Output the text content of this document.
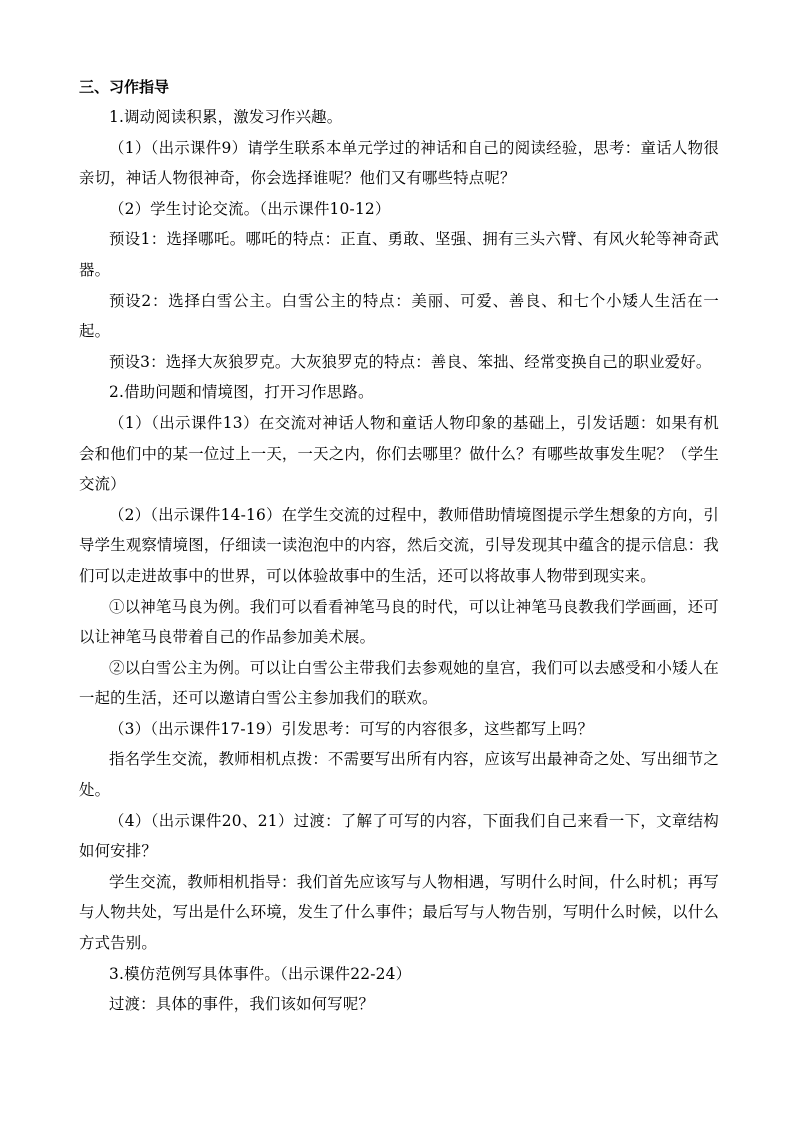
三、习作指导

1.调动阅读积累，激发习作兴趣。

（1）（出示课件9）请学生联系本单元学过的神话和自己的阅读经验，思考：童话人物很亲切，神话人物很神奇，你会选择谁呢？他们又有哪些特点呢？

（2）学生讨论交流。（出示课件10-12）

预设1：选择哪吒。哪吒的特点：正直、勇敢、坚强、拥有三头六臂、有风火轮等神奇武器。

预设2：选择白雪公主。白雪公主的特点：美丽、可爱、善良、和七个小矮人生活在一起。

预设3：选择大灰狼罗克。大灰狼罗克的特点：善良、笨拙、经常变换自己的职业爱好。

2.借助问题和情境图，打开习作思路。

（1）（出示课件13）在交流对神话人物和童话人物印象的基础上，引发话题：如果有机会和他们中的某一位过上一天，一天之内，你们去哪里？做什么？有哪些故事发生呢？（学生交流）

（2）（出示课件14-16）在学生交流的过程中，教师借助情境图提示学生想象的方向，引导学生观察情境图，仔细读一读泡泡中的内容，然后交流，引导发现其中蕴含的提示信息：我们可以走进故事中的世界，可以体验故事中的生活，还可以将故事人物带到现实来。

①以神笔马良为例。我们可以看看神笔马良的时代，可以让神笔马良教我们学画画，还可以让神笔马良带着自己的作品参加美术展。

②以白雪公主为例。可以让白雪公主带我们去参观她的皇宫，我们可以去感受和小矮人在一起的生活，还可以邀请白雪公主参加我们的联欢。

（3）（出示课件17-19）引发思考：可写的内容很多，这些都写上吗？

指名学生交流，教师相机点拨：不需要写出所有内容，应该写出最神奇之处、写出细节之处。

（4）（出示课件20、21）过渡：了解了可写的内容，下面我们自己来看一下，文章结构如何安排？

学生交流，教师相机指导：我们首先应该写与人物相遇，写明什么时间，什么时机；再写与人物共处，写出是什么环境，发生了什么事件；最后写与人物告别，写明什么时候，以什么方式告别。

3.模仿范例写具体事件。（出示课件22-24）

过渡：具体的事件，我们该如何写呢？
